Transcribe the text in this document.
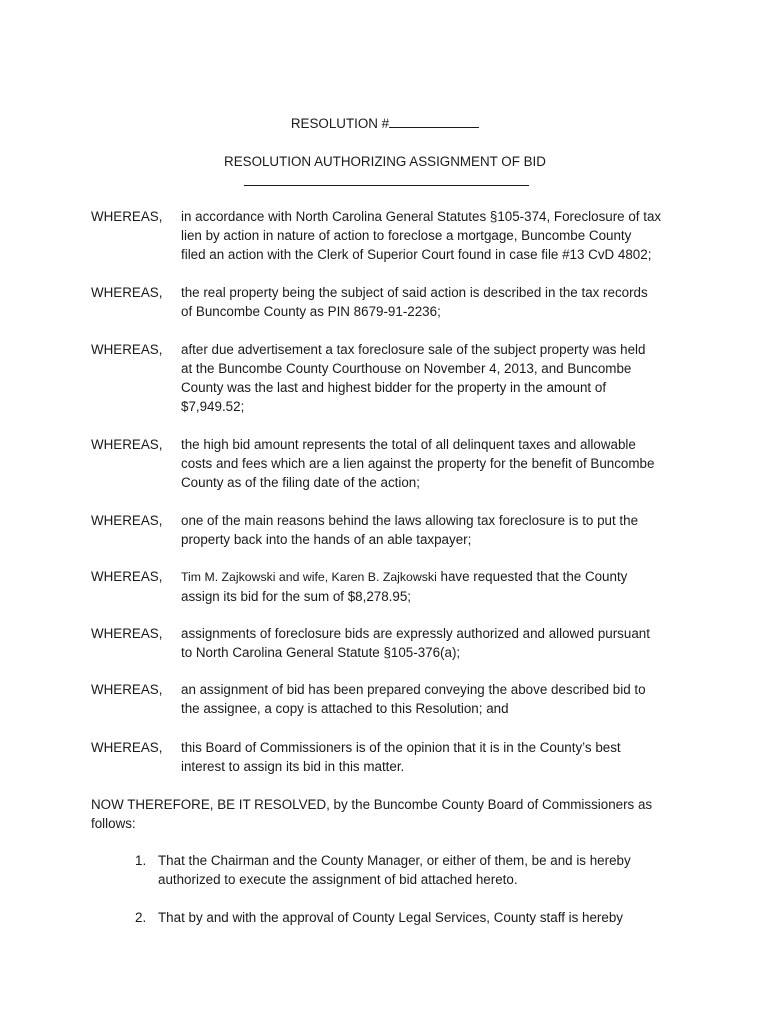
RESOLUTION #
RESOLUTION AUTHORIZING ASSIGNMENT OF BID
WHEREAS,	in accordance with North Carolina General Statutes §105-374, Foreclosure of tax
lien by action in nature of action to foreclose a mortgage, Buncombe County
filed an action with the Clerk of Superior Court found in case file #13 CvD 4802;
WHEREAS,	the real property being the subject of said action is described in the tax records
of Buncombe County as PIN 8679-91-2236;
WHEREAS,	after due advertisement a tax foreclosure sale of the subject property was held
at the Buncombe County Courthouse on November 4, 2013, and Buncombe
County was the last and highest bidder for the property in the amount of
$7,949.52;
WHEREAS,	the high bid amount represents the total of all delinquent taxes and allowable
costs and fees which are a lien against the property for the benefit of Buncombe
County as of the filing date of the action;
WHEREAS,	one of the main reasons behind the laws allowing tax foreclosure is to put the
property back into the hands of an able taxpayer;
WHEREAS,	Tim M. Zajkowski and wife, Karen B. Zajkowski have requested that the County
assign its bid for the sum of $8,278.95;
WHEREAS,	assignments of foreclosure bids are expressly authorized and allowed pursuant
to North Carolina General Statute §105-376(a);
WHEREAS,	an assignment of bid has been prepared conveying the above described bid to
the assignee, a copy is attached to this Resolution; and
WHEREAS,	this Board of Commissioners is of the opinion that it is in the County’s best
interest to assign its bid in this matter.
NOW THEREFORE, BE IT RESOLVED, by the Buncombe County Board of Commissioners as
follows:
1. That the Chairman and the County Manager, or either of them, be and is hereby
authorized to execute the assignment of bid attached hereto.
2. That by and with the approval of County Legal Services, County staff is hereby
